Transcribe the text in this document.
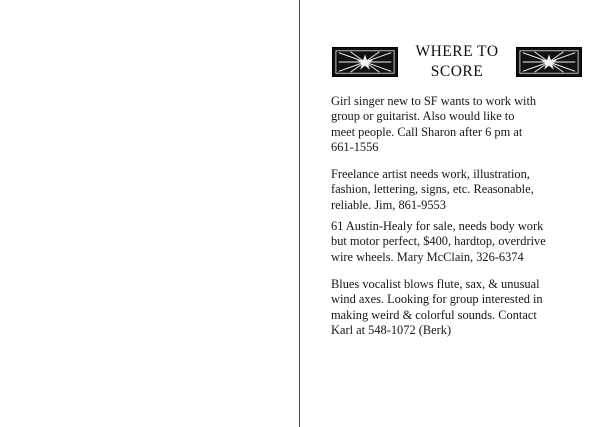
WHERE TO
SCORE

Girl singer new to SF wants to work with
group or guitarist. Also would like to
meet people. Call Sharon after 6 pm at
661-1556

Freelance artist needs work, illustration,
fashion, lettering, signs, etc. Reasonable,
reliable. Jim, 861-9553

61 Austin-Healy for sale, needs body work
but motor perfect, $400, hardtop, overdrive
wire wheels. Mary McClain, 326-6374

Blues vocalist blows flute, sax, & unusual
wind axes. Looking for group interested in
making weird & colorful sounds. Contact
Karl at 548-1072 (Berk)
